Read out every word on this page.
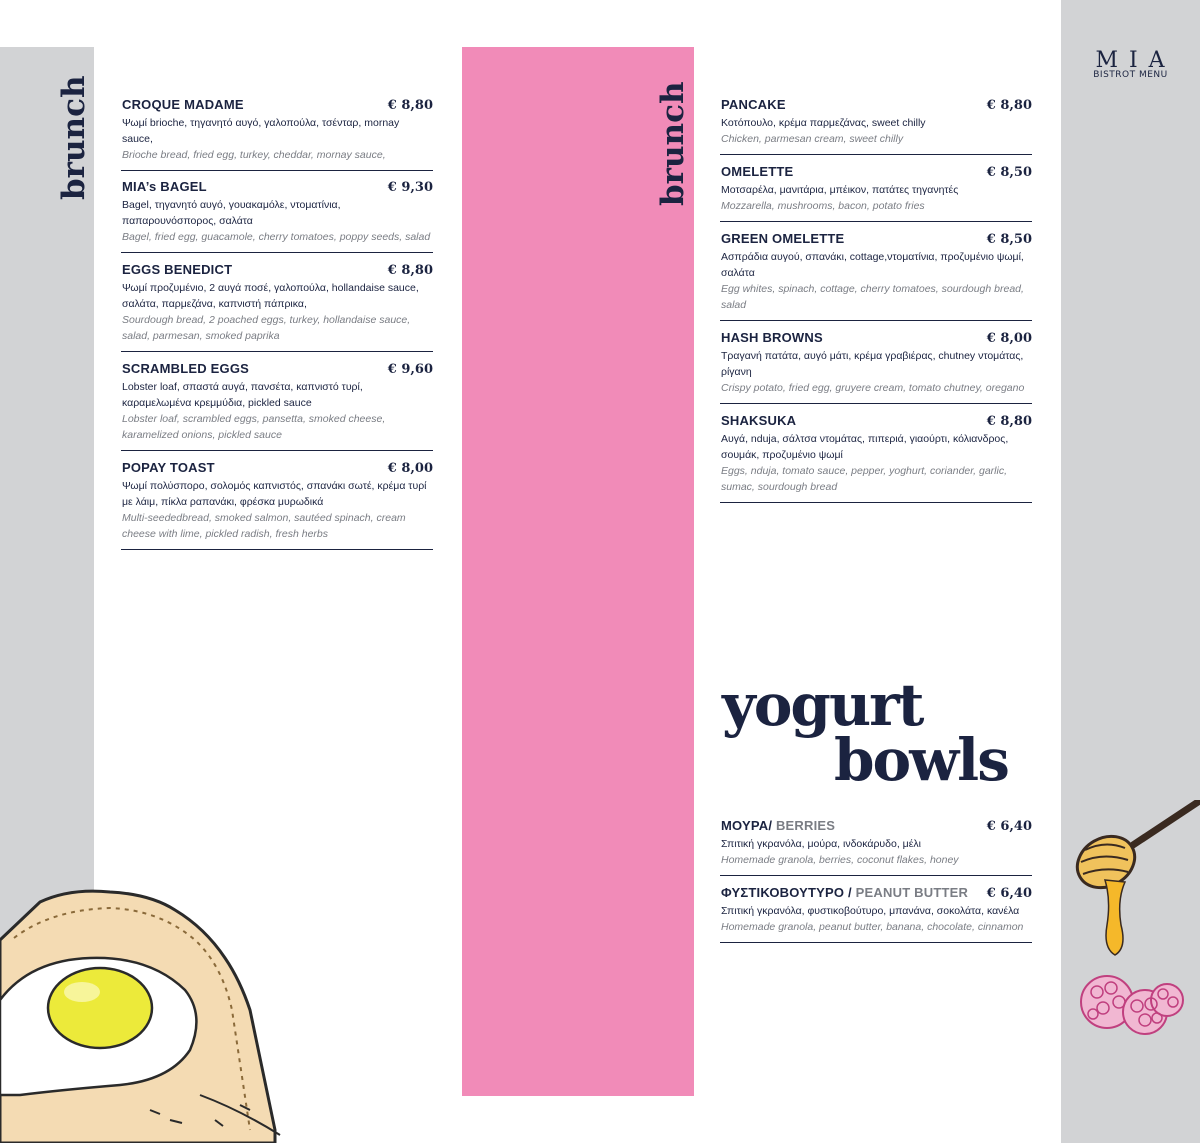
MIA
BISTROT MENU
brunch	brunch
CROQUE MADAME	€ 8,80
Ψωμί brioche, τηγανητό αυγό, γαλοπούλα, τσένταρ, mornay sauce,
Brioche bread, fried egg, turkey, cheddar, mornay sauce,
MIA’s BAGEL	€ 9,30
Bagel, τηγανητό αυγό, γουακαμόλε, ντοματίνια, παπαρουνόσπορος, σαλάτα
Bagel, fried egg, guacamole, cherry tomatoes, poppy seeds, salad
EGGS BENEDICT	€ 8,80
Ψωμί προζυμένιο, 2 αυγά ποσέ, γαλοπούλα, hollandaise sauce, σαλάτα, παρμεζάνα, καπνιστή πάπρικα,
Sourdough bread, 2 poached eggs, turkey, hollandaise sauce, salad, parmesan, smoked paprika
SCRAMBLED EGGS	€ 9,60
Lobster loaf, σπαστά αυγά, πανσέτα, καπνιστό τυρί, καραμελωμένα κρεμμύδια, pickled sauce
Lobster loaf, scrambled eggs, pansetta, smoked cheese, karamelized onions, pickled sauce
POPAY TOAST	€ 8,00
Ψωμί πολύσπορο, σολομός καπνιστός, σπανάκι σωτέ, κρέμα τυρί με λάιμ, πίκλα ραπανάκι, φρέσκα μυρωδικά
Multi-seededbread, smoked salmon, sautéed spinach, cream cheese with lime, pickled radish, fresh herbs
PANCAKE	€ 8,80
Κοτόπουλο, κρέμα παρμεζάνας, sweet chilly
Chicken, parmesan cream, sweet chilly
OMELETTE	€ 8,50
Μοτσαρέλα, μανιτάρια, μπέικον, πατάτες τηγανητές
Mozzarella, mushrooms, bacon, potato fries
GREEN OMELETTE	€ 8,50
Ασπράδια αυγού, σπανάκι, cottage,ντοματίνια, προζυμένιο ψωμί, σαλάτα
Egg whites, spinach, cottage, cherry tomatoes, sourdough bread, salad
HASH BROWNS	€ 8,00
Τραγανή πατάτα, αυγό μάτι, κρέμα γραβιέρας, chutney ντομάτας, ρίγανη
Crispy potato, fried egg, gruyere cream, tomato chutney, oregano
SHAKSUKA	€ 8,80
Αυγά, nduja, σάλτσα ντομάτας, πιπεριά, γιαούρτι, κόλιανδρος, σουμάκ, προζυμένιο ψωμί
Eggs, nduja, tomato sauce, pepper, yoghurt, coriander, garlic, sumac, sourdough bread
yogurt
bowls
ΜΟΥΡΑ/ BERRIES	€ 6,40
Σπιτική γκρανόλα, μούρα, ινδοκάρυδο, μέλι
Homemade granola, berries, coconut flakes, honey
ΦΥΣΤΙΚΟΒΟΥΤΥΡΟ / PEANUT BUTTER € 6,40
Σπιτική γκρανόλα, φυστικοβούτυρο, μπανάνα, σοκολάτα, κανέλα
Homemade granola, peanut butter, banana, chocolate, cinnamon
